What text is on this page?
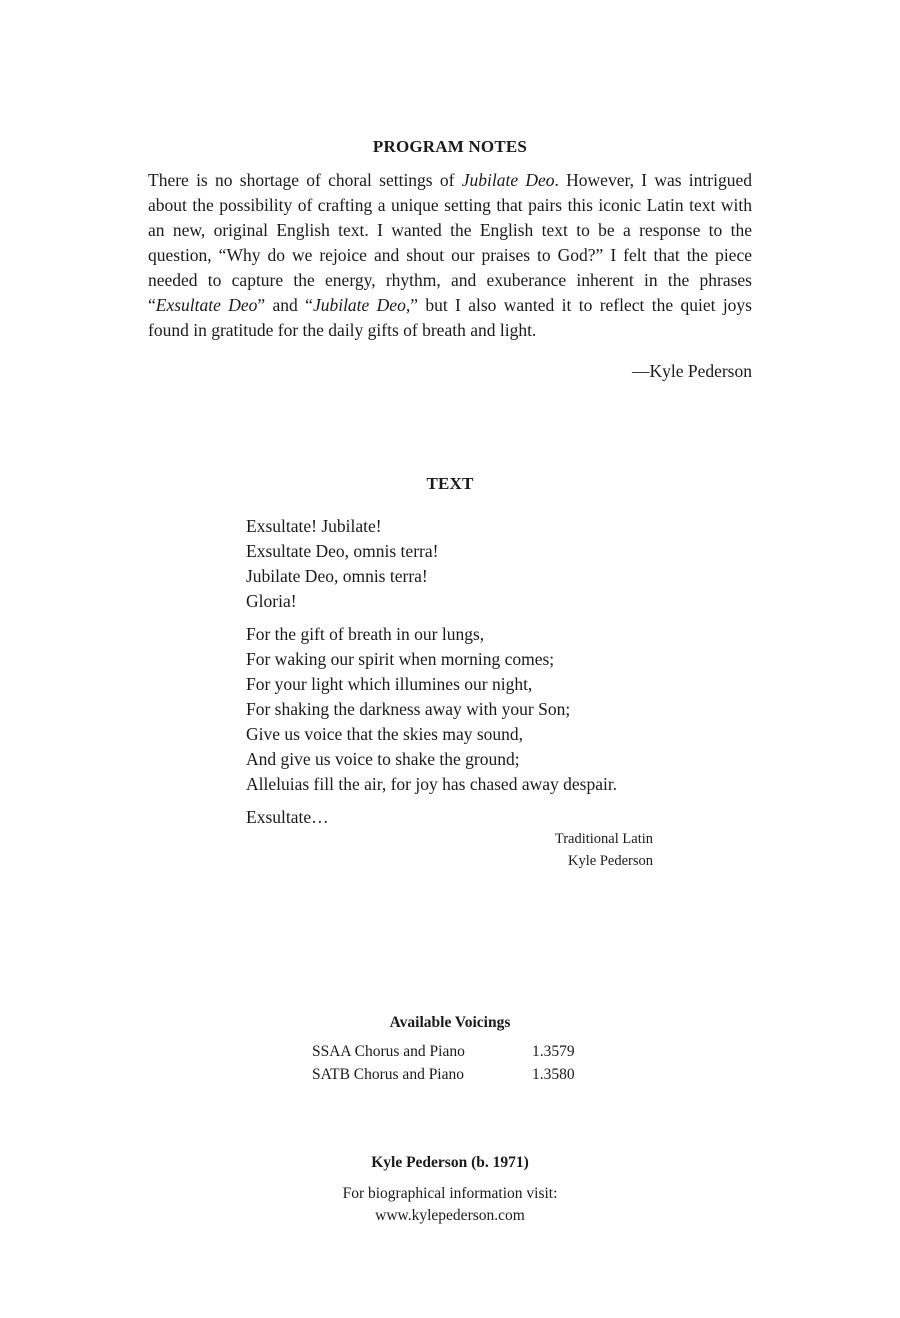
PROGRAM NOTES

There is no shortage of choral settings of Jubilate Deo. However, I was intrigued about the possibility of crafting a unique setting that pairs this iconic Latin text with an new, original English text. I wanted the English text to be a response to the question, “Why do we rejoice and shout our praises to God?” I felt that the piece needed to capture the energy, rhythm, and exuberance inherent in the phrases “Exsultate Deo” and “Jubilate Deo,” but I also wanted it to reflect the quiet joys found in gratitude for the daily gifts of breath and light.

—Kyle Pederson
TEXT
Exsultate! Jubilate!
Exsultate Deo, omnis terra!
Jubilate Deo, omnis terra!
Gloria!
For the gift of breath in our lungs,
For waking our spirit when morning comes;
For your light which illumines our night,
For shaking the darkness away with your Son;
Give us voice that the skies may sound,
And give us voice to shake the ground;
Alleluias fill the air, for joy has chased away despair.
Exsultate…
Traditional Latin
Kyle Pederson
Available Voicings
SSAA Chorus and Piano	1.3579
SATB Chorus and Piano	1.3580
Kyle Pederson (b. 1971)
For biographical information visit:
www.kylepederson.com
